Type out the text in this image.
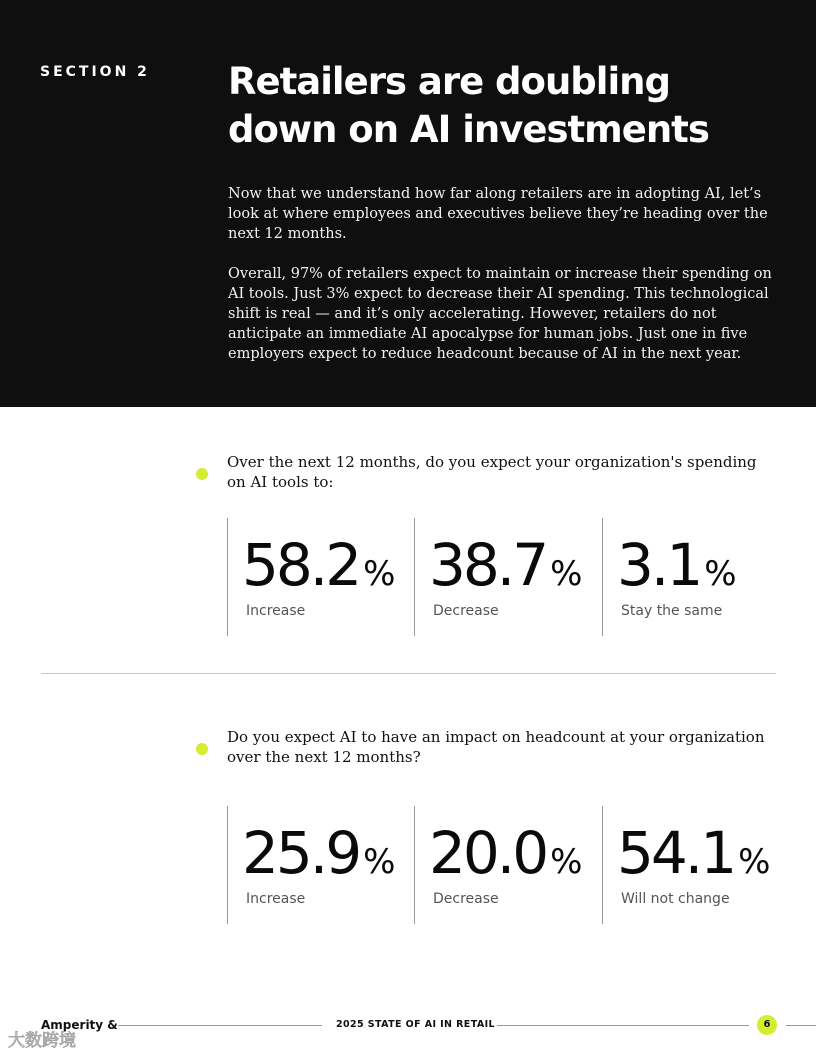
SECTION 2 Retailers are doubling
down on AI investments

Now that we understand how far along retailers are in adopting AI, let’s look at where employees and executives believe they’re heading over the next 12 months.

Overall, 97% of retailers expect to maintain or increase their spending on AI tools. Just 3% expect to decrease their AI spending. This technological shift is real — and it’s only accelerating. However, retailers do not anticipate an immediate AI apocalypse for human jobs. Just one in five employers expect to reduce headcount because of AI in the next year.

Over the next 12 months, do you expect your organization's spending on AI tools to:

58.2 %
Increase
38.7 %
Decrease
3.1 %
Stay the same

Do you expect AI to have an impact on headcount at your organization over the next 12 months?

25.9 %
Increase
20.0 %
Decrease
54.1 %
Will not change
Amperity &	2025 STATE OF AI IN RETAIL	6
大数跨境
